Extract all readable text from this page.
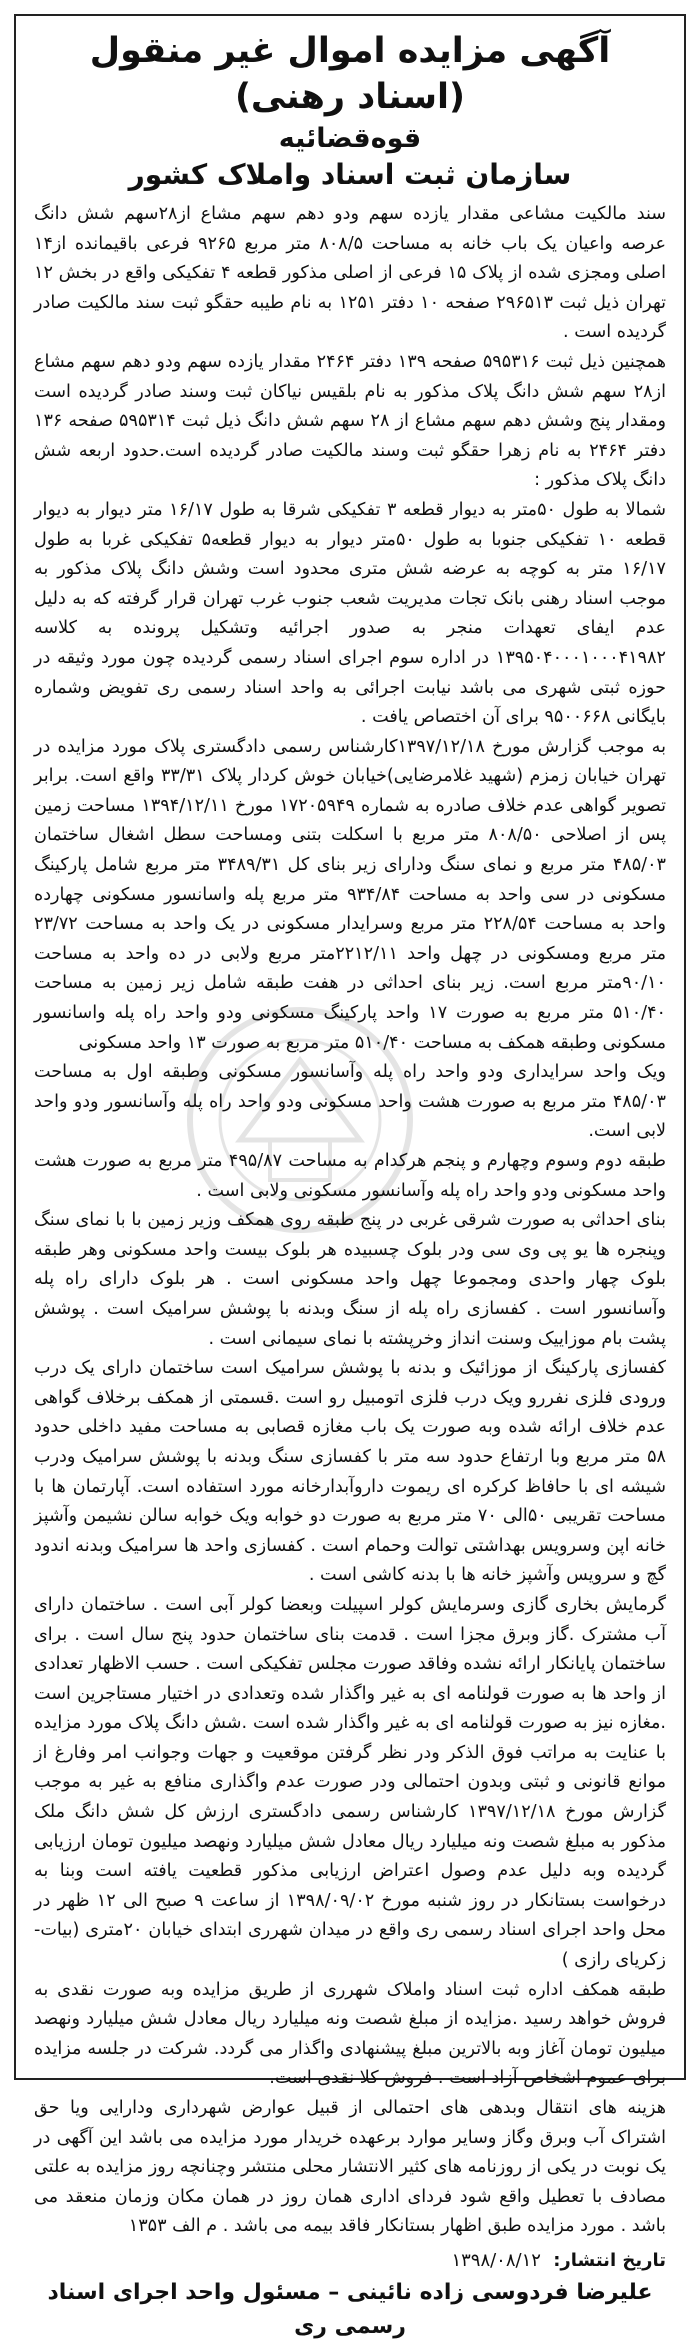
آگهی مزایده اموال غیر منقول (اسناد رهنی)
قوه‌قضائیه
سازمان ثبت اسناد واملاک کشور

سند مالکیت مشاعی مقدار یازده سهم ودو دهم سهم مشاع از۲۸سهم شش دانگ عرصه واعیان یک باب خانه به مساحت ۸۰۸/۵ متر مربع ۹۲۶۵ فرعی باقیمانده از۱۴ اصلی ومجزی شده از پلاک ۱۵ فرعی از اصلی مذکور قطعه ۴ تفکیکی واقع در بخش ۱۲ تهران ذیل ثبت ۲۹۶۵۱۳ صفحه ۱۰ دفتر ۱۲۵۱ به نام طیبه حقگو ثبت سند مالکیت صادر گردیده است .

همچنین ذیل ثبت ۵۹۵۳۱۶ صفحه ۱۳۹ دفتر ۲۴۶۴ مقدار یازده سهم ودو دهم سهم مشاع از۲۸ سهم شش دانگ پلاک مذکور به نام بلقیس نیاکان ثبت وسند صادر گردیده است ومقدار پنج وشش دهم سهم مشاع از ۲۸ سهم شش دانگ ذیل ثبت ۵۹۵۳۱۴ صفحه ۱۳۶ دفتر ۲۴۶۴ به نام زهرا حقگو ثبت وسند مالکیت صادر گردیده است.حدود اربعه شش دانگ پلاک مذکور :

شمالا به طول ۵۰متر به دیوار قطعه ۳ تفکیکی شرقا به طول ۱۶/۱۷ متر دیوار به دیوار قطعه ۱۰ تفکیکی جنوبا به طول ۵۰متر دیوار به دیوار قطعه۵ تفکیکی غربا به طول ۱۶/۱۷ متر به کوچه به عرضه شش متری محدود است وشش دانگ پلاک مذکور به موجب اسناد رهنی بانک تجات مدیریت شعب جنوب غرب تهران قرار گرفته که به دلیل عدم ایفای تعهدات منجر به صدور اجرائیه وتشکیل پرونده به کلاسه ۱۳۹۵۰۴۰۰۰۱۰۰۰۴۱۹۸۲ در اداره سوم اجرای اسناد رسمی گردیده چون مورد وثیقه در حوزه ثبتی شهری می باشد نیابت اجرائی به واحد اسناد رسمی ری تفویض وشماره بایگانی ۹۵۰۰۶۶۸ برای آن اختصاص یافت .

به موجب گزارش مورخ ۱۳۹۷/۱۲/۱۸کارشناس رسمی دادگستری پلاک مورد مزایده در تهران خیابان زمزم (شهید غلامرضایی)خیابان خوش کردار پلاک ۳۳/۳۱ واقع است. برابر تصویر گواهی عدم خلاف صادره به شماره ۱۷۲۰۵۹۴۹ مورخ ۱۳۹۴/۱۲/۱۱ مساحت زمین پس از اصلاحی ۸۰۸/۵۰ متر مربع با اسکلت بتنی ومساحت سطل اشغال ساختمان ۴۸۵/۰۳ متر مربع و نمای سنگ ودارای زیر بنای کل ۳۴۸۹/۳۱ متر مربع شامل پارکینگ مسکونی در سی واحد به مساحت ۹۳۴/۸۴ متر مربع پله واسانسور مسکونی چهارده واحد به مساحت ۲۲۸/۵۴ متر مربع وسرایدار مسکونی در یک واحد به مساحت ۲۳/۷۲ متر مربع ومسکونی در چهل واحد ۲۲۱۲/۱۱متر مربع ولابی در ده واحد به مساحت ۹۰/۱۰متر مربع است. زیر بنای احداثی در هفت طبقه شامل زیر زمین به مساحت ۵۱۰/۴۰ متر مربع به صورت ۱۷ واحد پارکینگ مسکونی ودو واحد راه پله واسانسور مسکونی وطبقه همکف به مساحت ۵۱۰/۴۰ متر مربع به صورت ۱۳ واحد مسکونی

ویک واحد سرایداری ودو واحد راه پله وآسانسور مسکونی وطبقه اول به مساحت ۴۸۵/۰۳ متر مربع به صورت هشت واحد مسکونی ودو واحد راه پله وآسانسور ودو واحد لابی است.

طبقه دوم وسوم وچهارم و پنجم هرکدام به مساحت ۴۹۵/۸۷ متر مربع به صورت هشت واحد مسکونی ودو واحد راه پله وآسانسور مسکونی ولابی است .

بنای احداثی به صورت شرقی غربی در پنج طبقه روی همکف وزیر زمین با با نمای سنگ وپنجره ها یو پی وی سی ودر بلوک چسبیده هر بلوک بیست واحد مسکونی وهر طبقه بلوک چهار واحدی ومجموعا چهل واحد مسکونی است . هر بلوک دارای راه پله وآسانسور است . کفسازی راه پله از سنگ وبدنه با پوشش سرامیک است . پوشش پشت بام موزاییک وسنت انداز وخرپشته با نمای سیمانی است .

کفسازی پارکینگ از موزائیک و بدنه با پوشش سرامیک است ساختمان دارای یک درب ورودی فلزی نفررو ویک درب فلزی اتومبیل رو است .قسمتی از همکف برخلاف گواهی عدم خلاف ارائه شده وبه صورت یک باب مغازه قصابی به مساحت مفید داخلی حدود ۵۸ متر مربع وبا ارتفاع حدود سه متر با کفسازی سنگ وبدنه با پوشش سرامیک ودرب شیشه ای با حافاظ کرکره ای ریموت داروآبدارخانه مورد استفاده است. آپارتمان ها با مساحت تقریبی ۵۰الی ۷۰ متر مربع به صورت دو خوابه ویک خوابه سالن نشیمن وآشپز خانه اپن وسرویس بهداشتی توالت وحمام است . کفسازی واحد ها سرامیک وبدنه اندود گچ و سرویس وآشپز خانه ها با بدنه کاشی است .

گرمایش بخاری گازی وسرمایش کولر اسپیلت وبعضا کولر آبی است . ساختمان دارای آب مشترک .گاز وبرق مجزا است . قدمت بنای ساختمان حدود پنج سال است . برای ساختمان پایانکار ارائه نشده وفاقد صورت مجلس تفکیکی است . حسب الاظهار تعدادی از واحد ها به صورت قولنامه ای به غیر واگذار شده وتعدادی در اختیار مستاجرین است .مغازه نیز به صورت قولنامه ای به غیر واگذار شده است .شش دانگ پلاک مورد مزایده با عنایت به مراتب فوق الذکر ودر نظر گرفتن موقعیت و جهات وجوانب امر وفارغ از موانع قانونی و ثبتی وبدون احتمالی ودر صورت عدم واگذاری منافع به غیر به موجب گزارش مورخ ۱۳۹۷/۱۲/۱۸ کارشناس رسمی دادگستری ارزش کل شش دانگ ملک مذکور به مبلغ شصت ونه میلیارد ریال معادل شش میلیارد ونهصد میلیون تومان ارزیابی گردیده وبه دلیل عدم وصول اعتراض ارزیابی مذکور قطعیت یافته است وبنا به درخواست بستانکار در روز شنبه مورخ ۱۳۹۸/۰۹/۰۲ از ساعت ۹ صبح الی ۱۲ ظهر در محل واحد اجرای اسناد رسمی ری واقع در میدان شهرری ابتدای خیابان ۲۰متری (بیات-زکریای رازی )

طبقه همکف اداره ثبت اسناد واملاک شهرری از طریق مزایده وبه صورت نقدی به فروش خواهد رسید .مزایده از مبلغ شصت ونه میلیارد ریال معادل شش میلیارد ونهصد میلیون تومان آغاز وبه بالاترین مبلغ پیشنهادی واگذار می گردد. شرکت در جلسه مزایده برای عموم اشخاص آزاد است . فروش کلا نقدی است.

هزینه های انتقال وبدهی های احتمالی از قبیل عوارض شهرداری ودارایی ویا حق اشتراک آب وبرق وگاز وسایر موارد برعهده خریدار مورد مزایده می باشد این آگهی در یک نوبت در یکی از روزنامه های کثیر الانتشار محلی منتشر وچنانچه روز مزایده به علتی مصادف با تعطیل واقع شود فردای اداری همان روز در همان مکان وزمان منعقد می باشد . مورد مزایده طبق اظهار بستانکار فاقد بیمه می باشد . م الف ۱۳۵۳

تاریخ انتشار: ۱۳۹۸/۰۸/۱۲
علیرضا فردوسی زاده نائینی – مسئول واحد اجرای اسناد رسمی ری
